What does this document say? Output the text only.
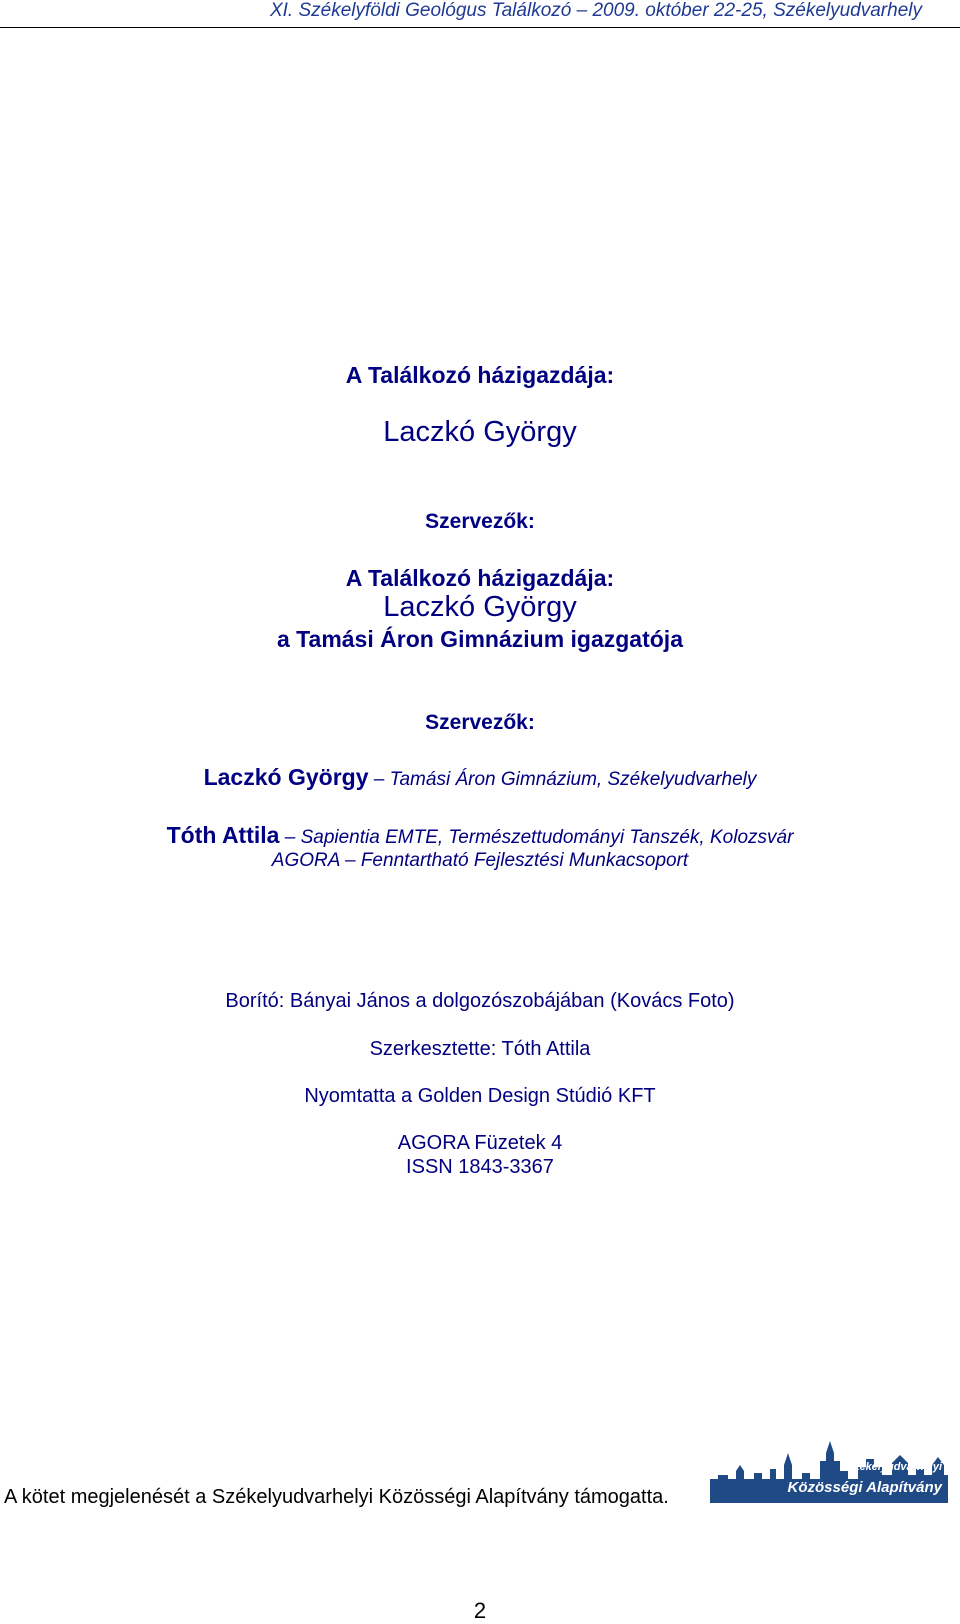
XI. Székelyföldi Geológus Találkozó – 2009. október 22-25, Székelyudvarhely
A Találkozó házigazdája:
Laczkó György
Szervezők:
A Találkozó házigazdája:
Laczkó György
a Tamási Áron Gimnázium igazgatója
Szervezők:
Laczkó György – Tamási Áron Gimnázium, Székelyudvarhely
Tóth Attila – Sapientia EMTE, Természettudományi Tanszék, Kolozsvár
AGORA – Fenntartható Fejlesztési Munkacsoport
Borító: Bányai János a dolgozószobájában (Kovács Foto)
Szerkesztette: Tóth Attila
Nyomtatta a Golden Design Stúdió KFT
AGORA Füzetek 4
ISSN 1843-3367
A kötet megjelenését a Székelyudvarhelyi Közösségi Alapítvány támogatta.
Székelyudvarhelyi
Közösségi Alapítvány
2
